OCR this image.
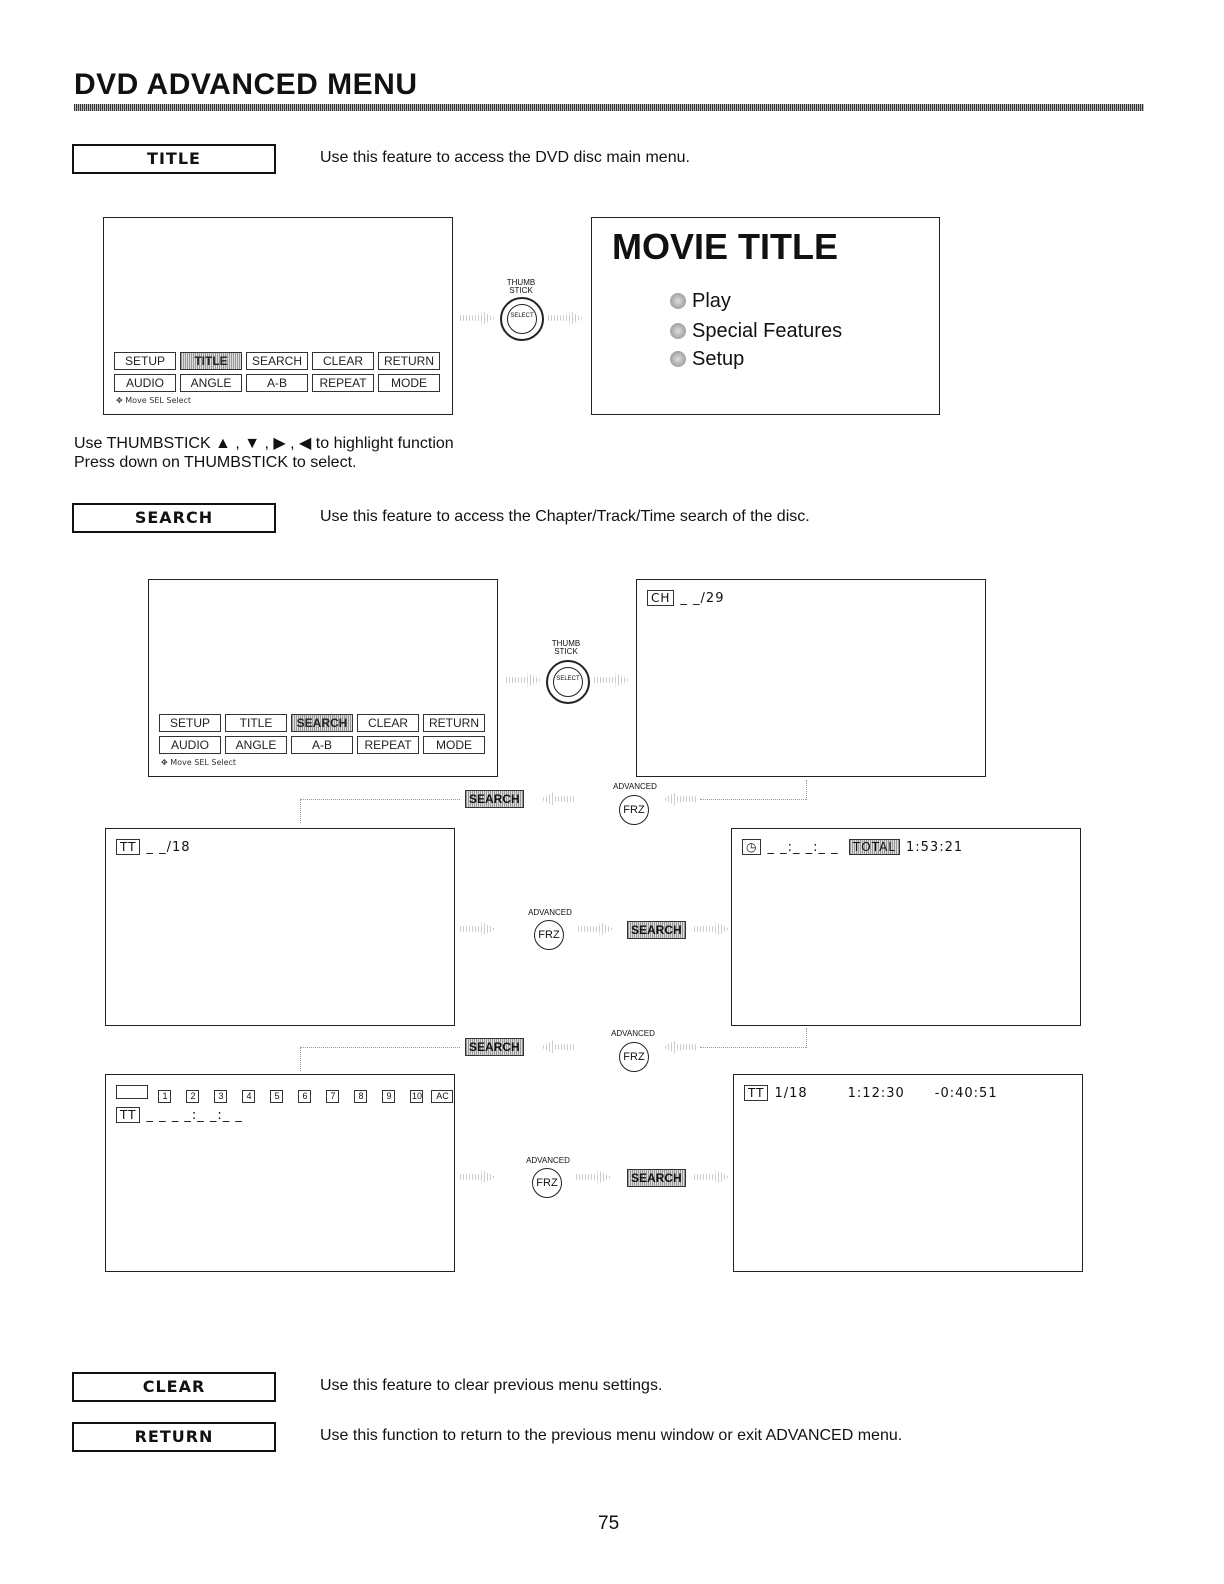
DVD ADVANCED MENU
TITLE	Use this feature to access the DVD disc main menu.
SETUP	TITLE	SEARCH	CLEAR	RETURN
AUDIO	ANGLE	A-B	REPEAT	MODE
✥ Move SEL Select
THUMB STICK
SELECT
MOVIE TITLE
Play
Special Features
Setup
Use THUMBSTICK ▲ , ▼ , ▶ , ◀ to highlight function
Press down on THUMBSTICK to select.
SEARCH	Use this feature to access the Chapter/Track/Time search of the disc.
SETUP	TITLE	SEARCH	CLEAR	RETURN
AUDIO	ANGLE	A-B	REPEAT	MODE
✥ Move SEL Select
THUMB STICK
SELECT
CH _ _/29
ADVANCED
FRZ
SEARCH
TT _ _/18
ADVANCED
FRZ	SEARCH
◷ _ _:_ _:_ _ TOTAL 1:53:21
ADVANCED
FRZ
SEARCH
1	2	3	4	5	6	7	8	9 10 AC
TT _ _ _ _:_ _:_ _
ADVANCED
FRZ	SEARCH
TT 1/18	1:12:30 -0:40:51
CLEAR	Use this feature to clear previous menu settings.
RETURN	Use this function to return to the previous menu window or exit ADVANCED menu.
75
